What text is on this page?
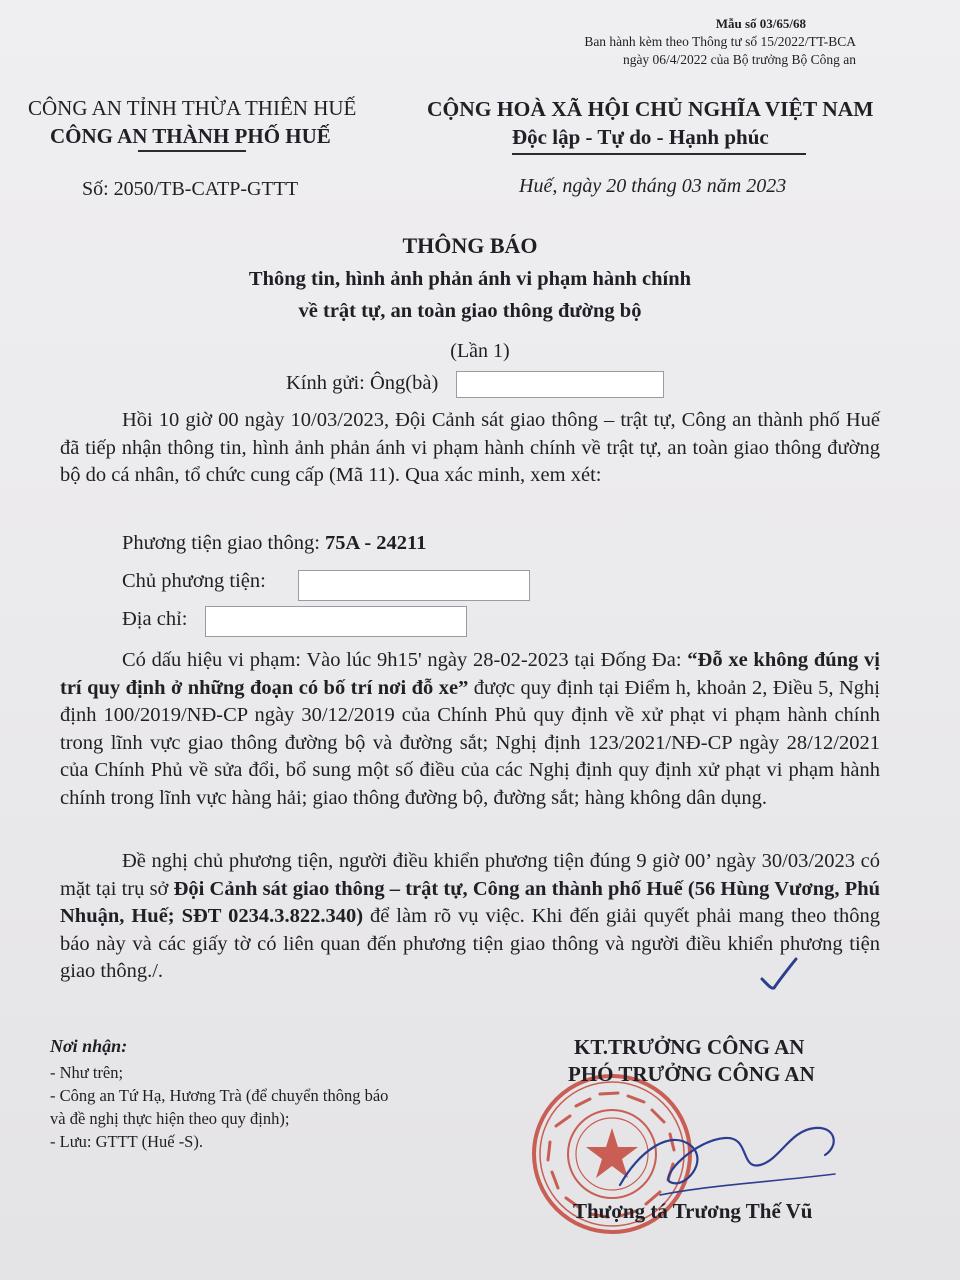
Mẫu số 03/65/68
Ban hành kèm theo Thông tư số 15/2022/TT-BCA
ngày 06/4/2022 của Bộ trưởng Bộ Công an
CÔNG AN TỈNH THỪA THIÊN HUẾ
CÔNG AN THÀNH PHỐ HUẾ
CỘNG HOÀ XÃ HỘI CHỦ NGHĨA VIỆT NAM
Độc lập - Tự do - Hạnh phúc
Số: 2050/TB-CATP-GTTT	Huế, ngày 20 tháng 03 năm 2023
THÔNG BÁO
Thông tin, hình ảnh phản ánh vi phạm hành chính
về trật tự, an toàn giao thông đường bộ
(Lần 1)
Kính gửi: Ông(bà)

Hồi 10 giờ 00 ngày 10/03/2023, Đội Cảnh sát giao thông – trật tự, Công an thành phố Huế đã tiếp nhận thông tin, hình ảnh phản ánh vi phạm hành chính về trật tự, an toàn giao thông đường bộ do cá nhân, tổ chức cung cấp (Mã 11). Qua xác minh, xem xét:

Phương tiện giao thông: 75A - 24211
Chủ phương tiện:
Địa chỉ:

Có dấu hiệu vi phạm: Vào lúc 9h15' ngày 28-02-2023 tại Đống Đa: “Đỗ xe không đúng vị trí quy định ở những đoạn có bố trí nơi đỗ xe” được quy định tại Điểm h, khoản 2, Điều 5, Nghị định 100/2019/NĐ-CP ngày 30/12/2019 của Chính Phủ quy định về xử phạt vi phạm hành chính trong lĩnh vực giao thông đường bộ và đường sắt; Nghị định 123/2021/NĐ-CP ngày 28/12/2021 của Chính Phủ về sửa đổi, bổ sung một số điều của các Nghị định quy định xử phạt vi phạm hành chính trong lĩnh vực hàng hải; giao thông đường bộ, đường sắt; hàng không dân dụng.

Đề nghị chủ phương tiện, người điều khiển phương tiện đúng 9 giờ 00’ ngày 30/03/2023 có mặt tại trụ sở Đội Cảnh sát giao thông – trật tự, Công an thành phố Huế (56 Hùng Vương, Phú Nhuận, Huế; SĐT 0234.3.822.340) để làm rõ vụ việc. Khi đến giải quyết phải mang theo thông báo này và các giấy tờ có liên quan đến phương tiện giao thông và người điều khiển phương tiện giao thông./.

Nơi nhận:
- Như trên;
- Công an Tứ Hạ, Hương Trà (để chuyển thông báo
và đề nghị thực hiện theo quy định);
- Lưu: GTTT (Huế -S).
KT.TRƯỞNG CÔNG AN
PHÓ TRƯỞNG CÔNG AN
Thượng tá Trương Thế Vũ
